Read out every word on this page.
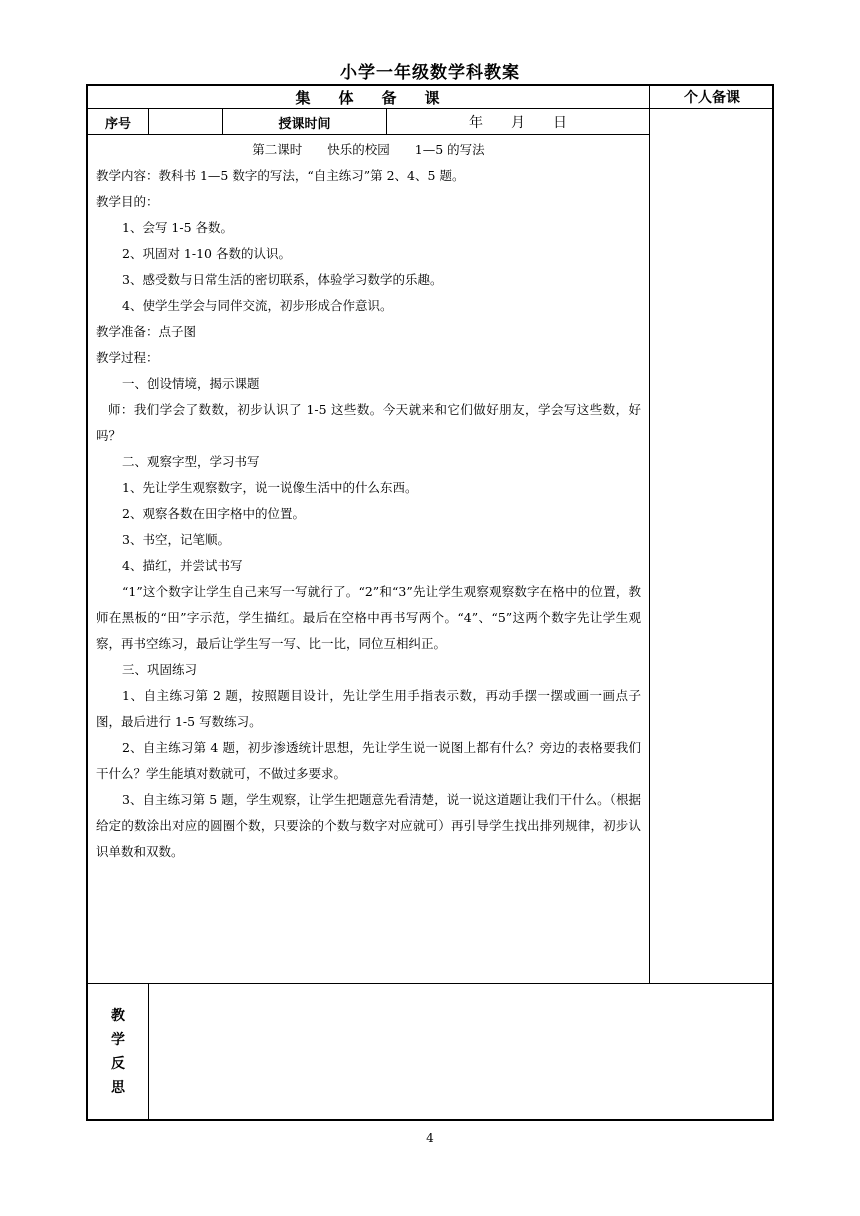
小学一年级数学科教案
集 体 备 课	个人备课
序号	授课时间	年 月 日

第二课时　　快乐的校园　　1—5 的写法

教学内容：教科书 1—5 数字的写法，“自主练习”第 2、4、5 题。

教学目的：

1、会写 1-5 各数。

2、巩固对 1-10 各数的认识。

3、感受数与日常生活的密切联系，体验学习数学的乐趣。

4、使学生学会与同伴交流，初步形成合作意识。

教学准备：点子图

教学过程：

一、创设情境，揭示课题

师：我们学会了数数，初步认识了 1-5 这些数。今天就来和它们做好朋友，学会写这些数，好吗？

二、观察字型，学习书写

1、先让学生观察数字，说一说像生活中的什么东西。

2、观察各数在田字格中的位置。

3、书空，记笔顺。

4、描红，并尝试书写

“1”这个数字让学生自己来写一写就行了。“2”和“3”先让学生观察观察数字在格中的位置，教师在黑板的“田”字示范，学生描红。最后在空格中再书写两个。“4”、“5”这两个数字先让学生观察，再书空练习，最后让学生写一写、比一比，同位互相纠正。

三、巩固练习

1、自主练习第 2 题，按照题目设计，先让学生用手指表示数，再动手摆一摆或画一画点子图，最后进行 1-5 写数练习。

2、自主练习第 4 题，初步渗透统计思想，先让学生说一说图上都有什么？旁边的表格要我们干什么？学生能填对数就可，不做过多要求。

3、自主练习第 5 题，学生观察，让学生把题意先看清楚，说一说这道题让我们干什么。（根据给定的数涂出对应的圆圈个数，只要涂的个数与数字对应就可）再引导学生找出排列规律，初步认识单数和双数。

教
学
反
思
4
